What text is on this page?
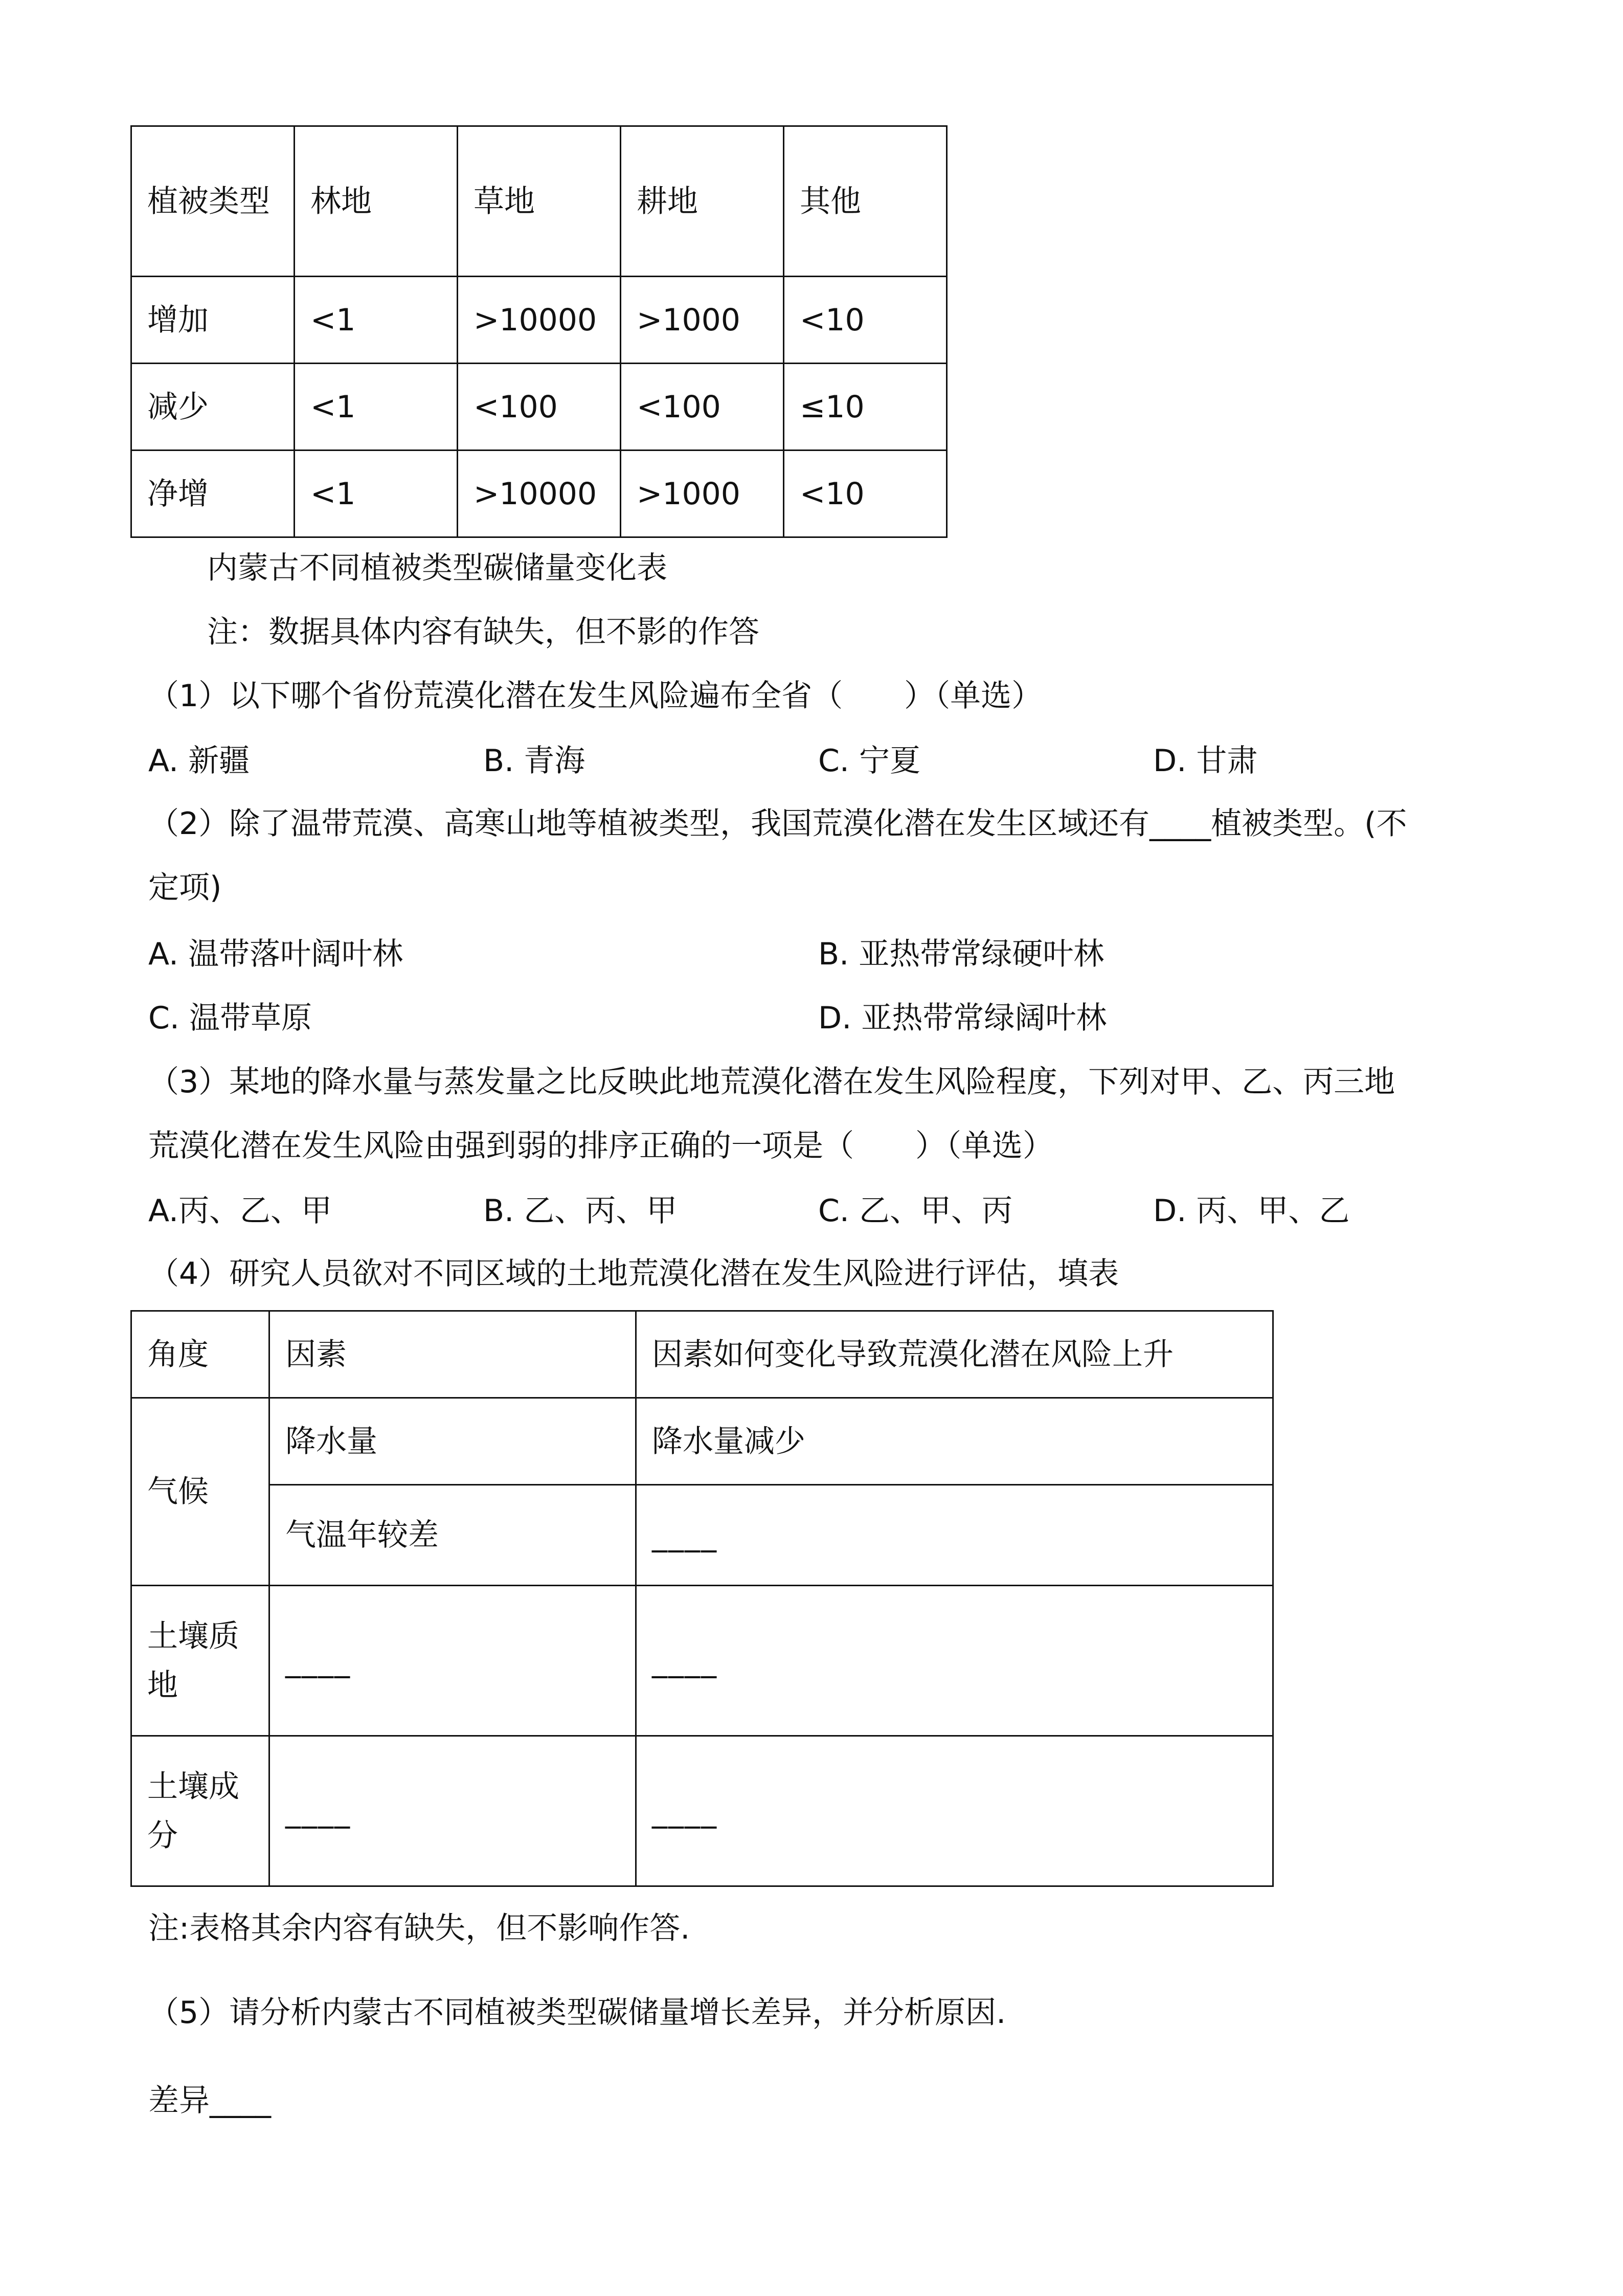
植被类型	林地	草地	耕地	其他
增加	<1	>10000	>1000	<10
减少	<1	<100	<100	≤10
净增	<1	>10000	>1000	<10
内蒙古不同植被类型碳储量变化表
注：数据具体内容有缺失，但不影的作答
（1）以下哪个省份荒漠化潜在发生风险遍布全省（　　）（单选）
A. 新疆	B. 青海	C. 宁夏	D. 甘肃
（2）除了温带荒漠、高寒山地等植被类型，我国荒漠化潜在发生区域还有____植被类型。(不
定项)
A. 温带落叶阔叶林	B. 亚热带常绿硬叶林
C. 温带草原	D. 亚热带常绿阔叶林
（3）某地的降水量与蒸发量之比反映此地荒漠化潜在发生风险程度，下列对甲、乙、丙三地
荒漠化潜在发生风险由强到弱的排序正确的一项是（　　）（单选）
A.丙、乙、甲	B. 乙、丙、甲	C. 乙、甲、丙	D. 丙、甲、乙
（4）研究人员欲对不同区域的土地荒漠化潜在发生风险进行评估，填表
角度	因素	因素如何变化导致荒漠化潜在风险上升
气候	降水量	降水量减少
	气温年较差	____
土壤质地	____	____
土壤成分	____	____
注:表格其余内容有缺失，但不影响作答.
（5）请分析内蒙古不同植被类型碳储量增长差异，并分析原因.
差异____
